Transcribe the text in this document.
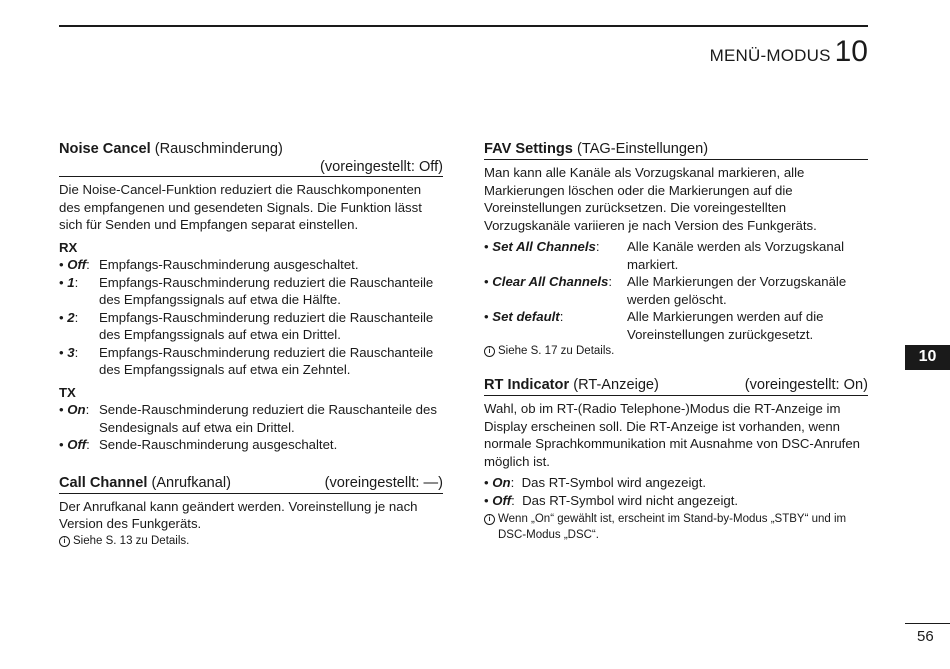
MENÜ-MODUS 10
Noise Cancel (Rauschminderung)
(voreingestellt: Off)

Die Noise-Cancel-Funktion reduziert die Rauschkomponenten des empfangenen und gesendeten Signals. Die Funktion lässt sich für Senden und Empfangen separat einstellen.

RX
• Off: Empfangs-Rauschminderung ausgeschaltet.
• 1: Empfangs-Rauschminderung reduziert die Rauschanteile des Empfangssignals auf etwa die Hälfte.
• 2: Empfangs-Rauschminderung reduziert die Rauschanteile des Empfangssignals auf etwa ein Drittel.
• 3: Empfangs-Rauschminderung reduziert die Rauschanteile des Empfangssignals auf etwa ein Zehntel.
TX
• On: Sende-Rauschminderung reduziert die Rauschanteile des Sendesignals auf etwa ein Drittel.
• Off: Sende-Rauschminderung ausgeschaltet.
Call Channel (Anrufkanal)	(voreingestellt: —)

Der Anrufkanal kann geändert werden. Voreinstellung je nach Version des Funkgeräts.

i Siehe S. 13 zu Details.
FAV Settings (TAG-Einstellungen)

Man kann alle Kanäle als Vorzugskanal markieren, alle Markierungen löschen oder die Markierungen auf die Voreinstellungen zurücksetzen. Die voreingestellten Vorzugskanäle variieren je nach Version des Funkgeräts.

• Set All Channels: Alle Kanäle werden als Vorzugskanal markiert.
• Clear All Channels: Alle Markierungen der Vorzugskanäle werden gelöscht.
• Set default:	Alle Markierungen werden auf die Voreinstellungen zurückgesetzt.
i Siehe S. 17 zu Details.
RT Indicator (RT-Anzeige)	(voreingestellt: On)

Wahl, ob im RT-(Radio Telephone-)Modus die RT-Anzeige im Display erscheinen soll. Die RT-Anzeige ist vorhanden, wenn normale Sprachkommunikation mit Ausnahme von DSC-Anrufen möglich ist.

• On: Das RT-Symbol wird angezeigt.
• Off: Das RT-Symbol wird nicht angezeigt.
i Wenn „On“ gewählt ist, erscheint im Stand-by-Modus „STBY“ und im DSC-Modus „DSC“.
10
56
